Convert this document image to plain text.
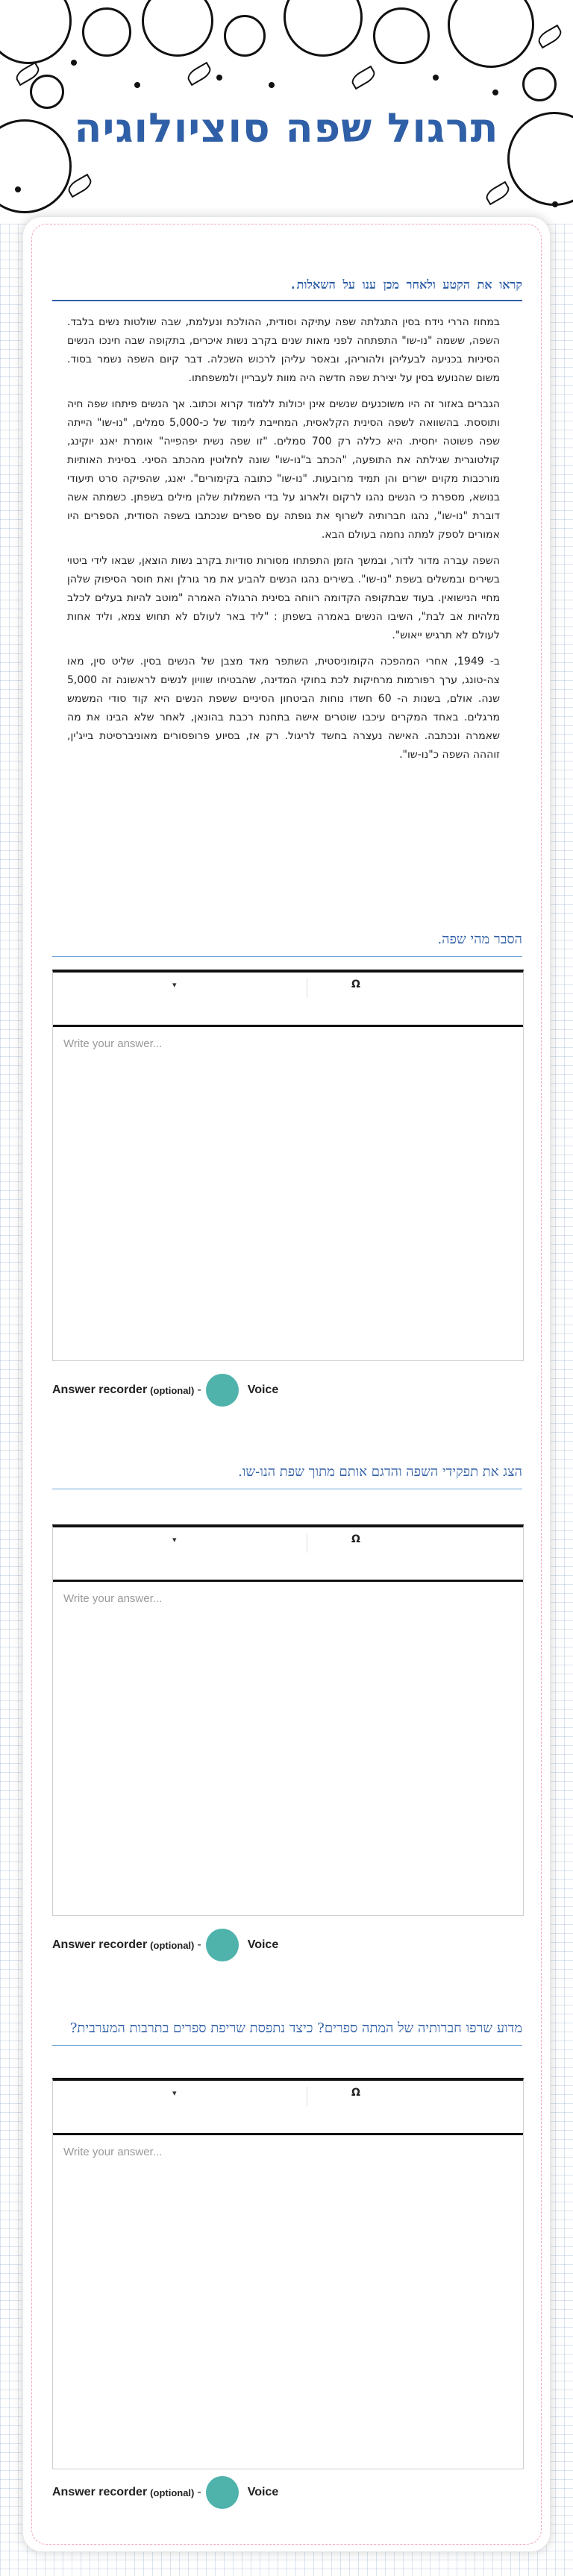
תרגול שפה סוציולוגיה
קראו את הקטע ולאחר מכן ענו על השאלות.

במחוז הררי נידח בסין התגלתה שפה עתיקה וסודית, ההולכת ונעלמת, שבה שולטות נשים בלבד. השפה, ששמה "נו-שו" התפתחה לפני מאות שנים בקרב נשות איכרים, בתקופה שבה חינכו הנשים הסיניות בכניעה לבעליהן ולהוריהן, ובאסר עליהן לרכוש השכלה. דבר קיום השפה נשמר בסוד. משום שהנועש בסין על יצירת שפה חדשה היה מוות לעבריין ולמשפחתו.

הגברים באזור זה היו משוכנעים שנשים אינן יכולות ללמוד קרוא וכתוב. אך הנשים פיתחו שפה חיה ותוססת. בהשוואה לשפה הסינית הקלאסית, המחייבת לימוד של כ-5,000 סמלים, "נו-שו" הייתה שפה פשוטה יחסית. היא כללה רק 700 סמלים. "זו שפה נשית יפהפייה" אומרת יאנג יוקינג, קולטוגרית שגילתה את התופעה, "הכתב ב"נו-שו" שונה לחלוטין מהכתב הסיני. בסינית האותיות מורכבות מקוים ישרים והן תמיד מרובעות. "נו-שו" כתובה בקימורים". יאנג, שהפיקה סרט תיעודי בנושא, מספרת כי הנשים נהגו לרקום ולארוג על בדי השמלות שלהן מילים בשפתן. כשמתה אשה דוברת "נו-שו", נהגו חברותיה לשרוף את גופתה עם ספרים שנכתבו בשפה הסודית, הספרים היו אמורים לספק למתה נחמה בעולם הבא.

השפה עברה מדור לדור, ובמשך הזמן התפתחו מסורות סודיות בקרב נשות הוצאן, שבאו לידי ביטוי בשירים ובמשלים בשפת "נו-שו". בשירים נהגו הנשים להביע את מר גורלן ואת חוסר הסיפוק שלהן מחיי הנישואין. בעוד שבתקופה הקדומה רווחה בסינית הרגולה האמרה "מוטב להיות בעלים לכלב מלהיות אב לבת", השיבו הנשים באמרה בשפתן : "ליד באר לעולם לא תחוש צמא, וליד אחות לעולם לא תרגיש ייאוש".

ב- 1949, אחרי המהפכה הקומוניסטית, השתפר מאד מצבן של הנשים בסין. שליט סין, מאו צה-טונג, ערך רפורמות מרחיקות לכת בחוקי המדינה, שהבטיחו שוויון לנשים לראשונה זה 5,000 שנה. אולם, בשנות ה- 60 חשדו נוחות הביטחון הסיניים ששפת הנשים היא קוד סודי המשמש מרגלים. באחד המקרים עיכבו שוטרים אישה בתחנת רכבת בהונאן, לאחר שלא הבינו את מה שאמרה ונכתבה. האישה נעצרה בחשד לריגול. רק אז, בסיוע פרופסורים מאוניברסיטת בייג'ין, זוההה השפה כ"נו-שו".

הסבר מהי שפה.
▾	Ω
Write your answer...
Answer recorder (optional) -	Voice
הצג את תפקידי השפה והדגם אותם מתוך שפת הנו-שו.
▾	Ω
Write your answer...
Answer recorder (optional) -	Voice
מדוע שרפו חברותיה של המתה ספרים? כיצד נתפסת שריפת ספרים בתרבות המערבית?
▾	Ω
Write your answer...
Answer recorder (optional) -	Voice
